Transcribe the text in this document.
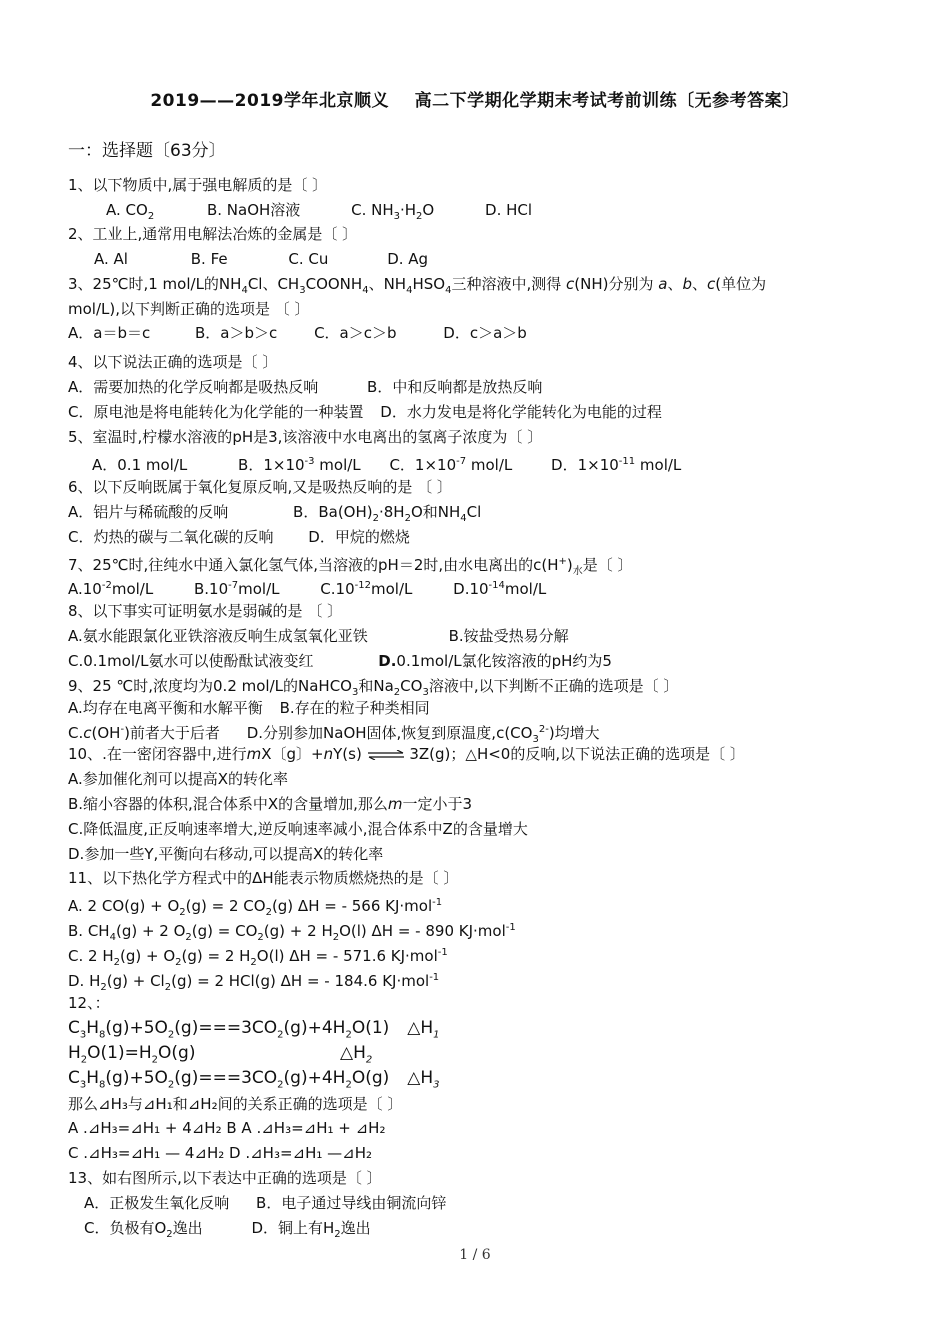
2019——2019学年北京顺义    高二下学期化学期末考试考前训练〔无参考答案〕
一：选择题〔63分〕
1、以下物质中,属于强电解质的是〔 〕
A. $CO_2$	B. NaOH溶液	C. $NH_3\cdot H_2O$	D. HCl
2、工业上,通常用电解法冶炼的金属是〔 〕
A. Al	B. Fe	C. Cu	D. Ag
3、25℃时,1 mol/L的$NH_4Cl$、$CH_3COONH_4$、$NH_4HSO_4$三种溶液中,测得 c(NH)分别为 a、b、c(单位为
mol/L),以下判断正确的选项是 〔 〕
A．a＝b＝c	B．a＞b＞c C．a＞c＞b	D．c＞a＞b
4、以下说法正确的选项是〔 〕
A．需要加热的化学反响都是吸热反响	B．中和反响都是放热反响
C．原电池是将电能转化为化学能的一种装置 D．水力发电是将化学能转化为电能的过程
5、室温时,柠檬水溶液的pH是3,该溶液中水电离出的氢离子浓度为〔 〕
A．0.1 mol/L	B．$1\times 10^{-3}$ mol/L C．$1\times 10^{-7}$ mol/L	D．$1\times 10^{-11}$ mol/L
6、以下反响既属于氧化复原反响,又是吸热反响的是 〔 〕
A．铝片与稀硫酸的反响	B．$Ba(OH)_2\cdot 8H_2O$和$NH_4Cl$
C．灼热的碳与二氧化碳的反响 D．甲烷的燃烧
7、25℃时,往纯水中通入氯化氢气体,当溶液的pH＝2时,由水电离出的$c(H^+)_水$是〔 〕
$A.10^{-2}mol/L$	$B.10^{-7}mol/L$	$C.10^{-12}mol/L$	$D.10^{-14}mol/L$
8、以下事实可证明氨水是弱碱的是 〔 〕
A.氨水能跟氯化亚铁溶液反响生成氢氧化亚铁	B.铵盐受热易分解
C.0.1mol/L氨水可以使酚酞试液变红	D.0.1mol/L氯化铵溶液的pH约为5
9、25 ℃时,浓度均为0.2 mol/L的NaHCO$_3$和$Na_2CO_3$溶液中,以下判断不正确的选项是〔 〕
A.均存在电离平衡和水解平衡 B.存在的粒子种类相同
C.c(OH-)前者大于后者 D.分别参加NaOH固体,恢复到原温度$,c(CO_3^{2-})$均增大
10、.在一密闭容器中,进行mX〔g〕+nY(s) ⇌ 3Z(g)；△H<0的反响,以下说法正确的选项是〔 〕
A.参加催化剂可以提高X的转化率
B.缩小容器的体积,混合体系中X的含量增加,那么m一定小于3
C.降低温度,正反响速率增大,逆反响速率减小,混合体系中Z的含量增大
D.参加一些Y,平衡向右移动,可以提高X的转化率
11、以下热化学方程式中的ΔH能表示物质燃烧热的是〔 〕
A. 2 $CO(g) + O_2(g) = 2$ $CO_2(g) \Delta H$ = - 566 KJ·mol$^{-1}$
B. $CH_4(g) + 2$ $O_2(g) = CO_2(g) + 2$ $H_2O(l) \Delta H$ = - 890 KJ·mol$^{-1}$
C. 2 $H_2(g) + O_2(g) = 2$ $H_2O(l) \Delta H$ = - 571.6 KJ·mol$^{-1}$
D. $H_2(g) + Cl_2(g) = 2$ HCl(g) ΔH = - 184.6 KJ·mol$^{-1}$
12、：
$C_3H_8(g)+5O_2(g)===3CO_2(g)+4H_2O(1)$ $\triangle H_1$
$H_2O(1)=H_2O(g)$	$\triangle H_2$
$C_3H_8(g)+5O_2(g)===3CO_2(g)+4H_2O(g)$ $\triangle H_3$
那么⊿H₃与⊿H₁和⊿H₂间的关系正确的选项是〔 〕
A .⊿H₃=⊿H₁ + 4⊿H₂ B A .⊿H₃=⊿H₁ + ⊿H₂
C .⊿H₃=⊿H₁ — 4⊿H₂ D .⊿H₃=⊿H₁ —⊿H₂
13、如右图所示,以下表达中正确的选项是〔 〕
A．正极发生氧化反响 B．电子通过导线由铜流向锌
C．负极有$O_2$逸出	D．铜上有$H_2$逸出
1 / 6
